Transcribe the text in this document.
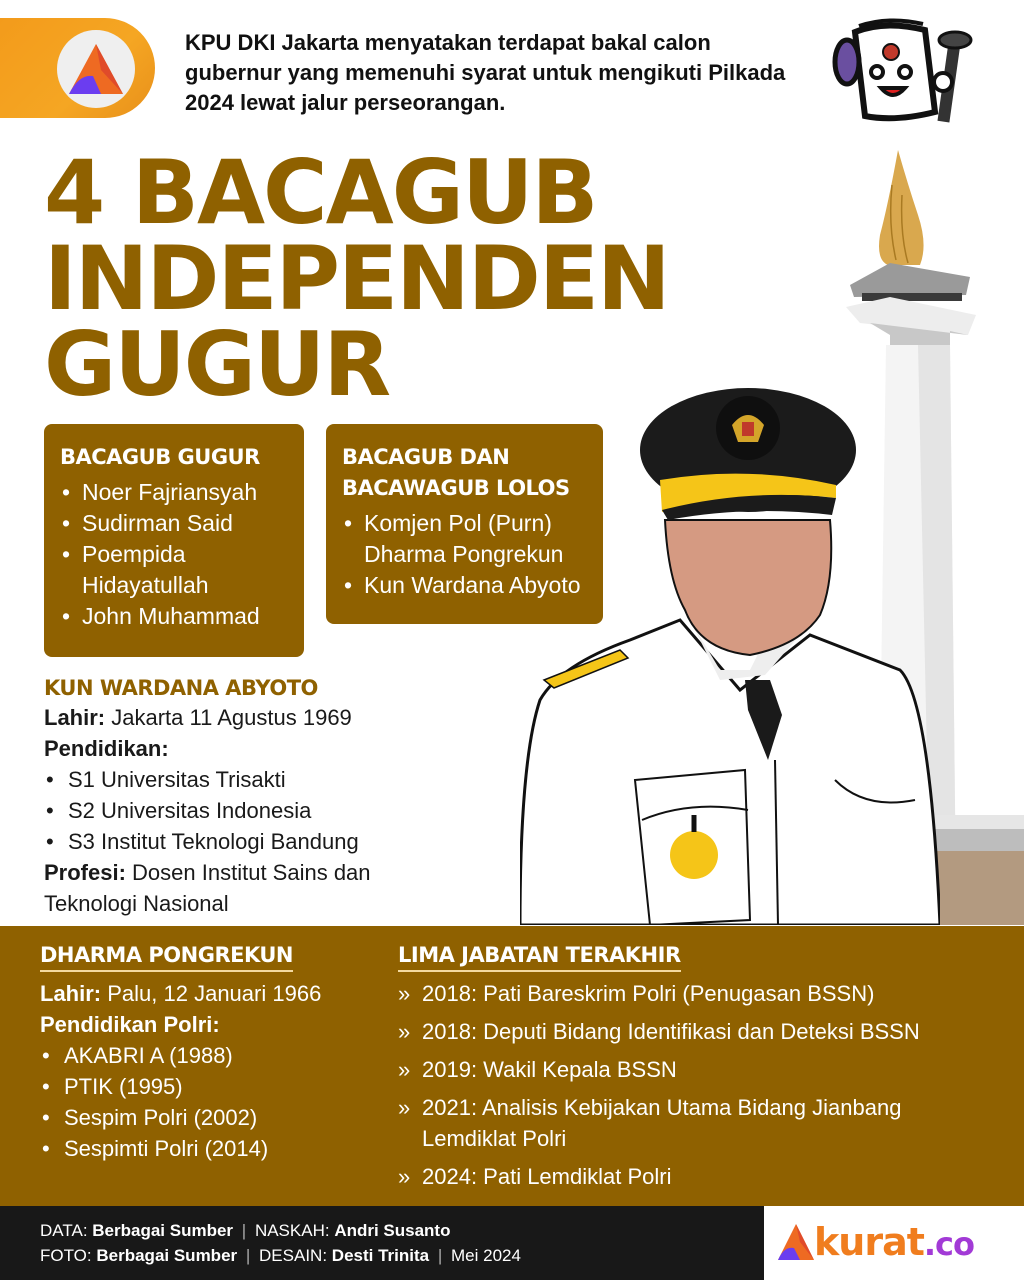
KPU DKI Jakarta menyatakan terdapat bakal calon gubernur yang memenuhi syarat untuk mengikuti Pilkada 2024 lewat jalur perseorangan.
4 BACAGUB
INDEPENDEN
GUGUR
BACAGUB GUGUR
• Noer Fajriansyah
• Sudirman Said
• Poempida Hidayatullah
• John Muhammad
BACAGUB DAN BACAWAGUB LOLOS
• Komjen Pol (Purn) Dharma Pongrekun
• Kun Wardana Abyoto
KUN WARDANA ABYOTO
Lahir: Jakarta 11 Agustus 1969
Pendidikan:
• S1 Universitas Trisakti
• S2 Universitas Indonesia
• S3 Institut Teknologi Bandung
Profesi: Dosen Institut Sains dan Teknologi Nasional
DHARMA PONGREKUN
Lahir: Palu, 12 Januari 1966
Pendidikan Polri:
• AKABRI A (1988)
• PTIK (1995)
• Sespim Polri (2002)
• Sespimti Polri (2014)
LIMA JABATAN TERAKHIR
» 2018: Pati Bareskrim Polri (Penugasan BSSN)
» 2018: Deputi Bidang Identifikasi dan Deteksi BSSN
» 2019: Wakil Kepala BSSN
» 2021: Analisis Kebijakan Utama Bidang Jianbang Lemdiklat Polri
» 2024: Pati Lemdiklat Polri
DATA: Berbagai Sumber | NASKAH: Andri Susanto
FOTO: Berbagai Sumber | DESAIN: Desti Trinita | Mei 2024	kurat.co
